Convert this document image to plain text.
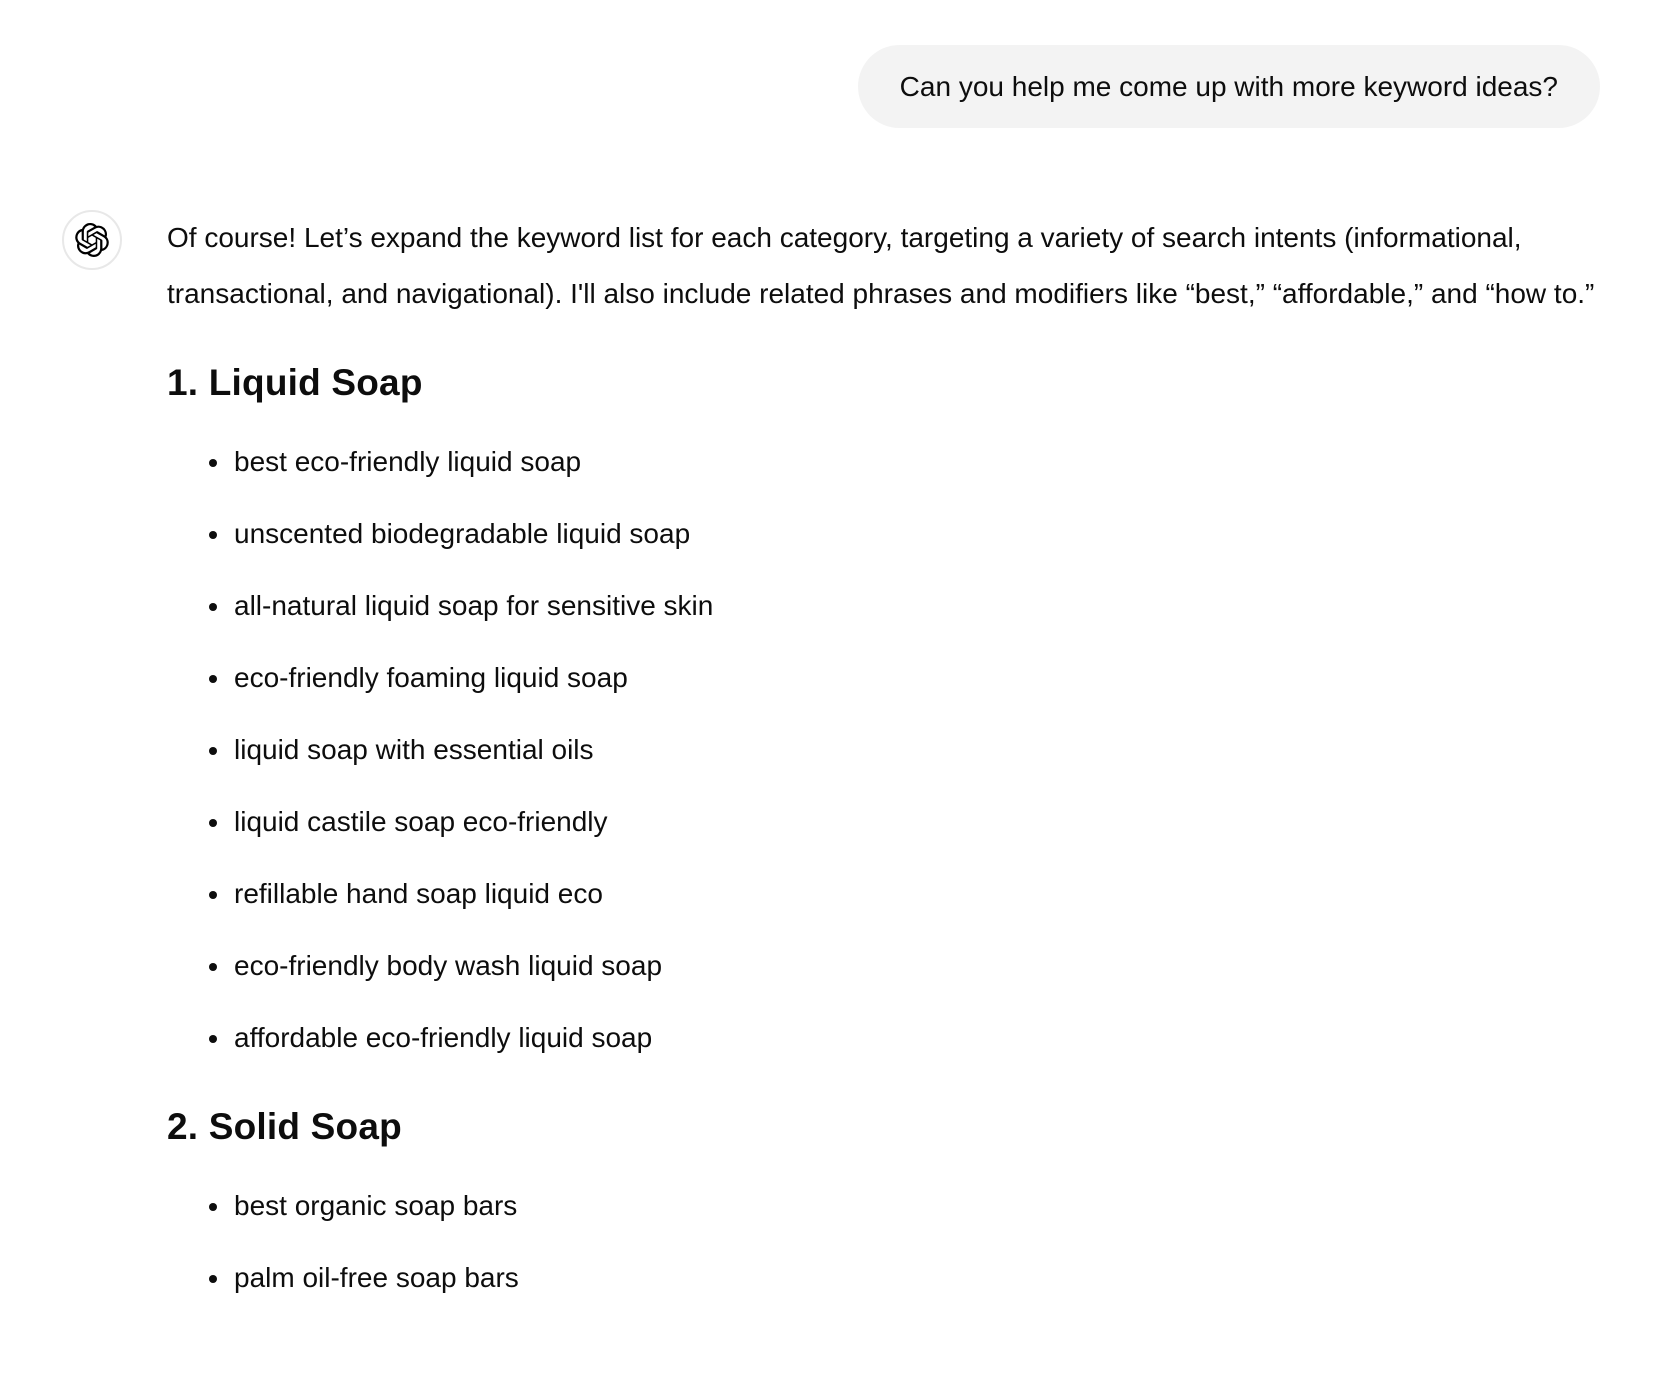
Can you help me come up with more keyword ideas?

Of course! Let’s expand the keyword list for each category, targeting a variety of search intents (informational, transactional, and navigational). I'll also include related phrases and modifiers like “best,” “affordable,” and “how to.”

1. Liquid Soap
• best eco-friendly liquid soap
• unscented biodegradable liquid soap
• all-natural liquid soap for sensitive skin
• eco-friendly foaming liquid soap
• liquid soap with essential oils
• liquid castile soap eco-friendly
• refillable hand soap liquid eco
• eco-friendly body wash liquid soap
• affordable eco-friendly liquid soap
2. Solid Soap
• best organic soap bars
• palm oil-free soap bars
